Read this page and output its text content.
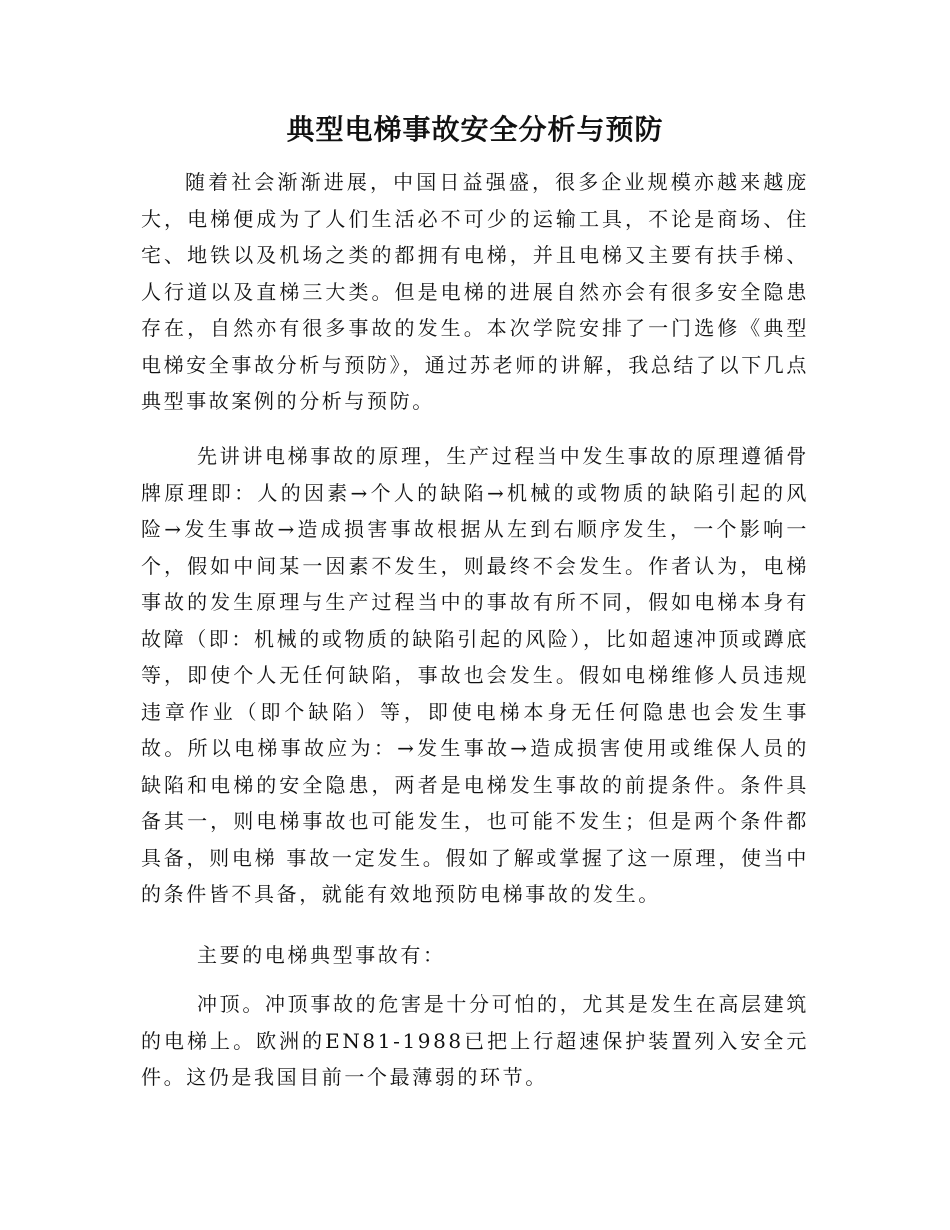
典型电梯事故安全分析与预防

随着社会渐渐进展，中国日益强盛，很多企业规模亦越来越庞大，电梯便成为了人们生活必不可少的运输工具，不论是商场、住宅、地铁以及机场之类的都拥有电梯，并且电梯又主要有扶手梯、人行道以及直梯三大类。但是电梯的进展自然亦会有很多安全隐患存在，自然亦有很多事故的发生。本次学院安排了一门选修《典型电梯安全事故分析与预防》，通过苏老师的讲解，我总结了以下几点典型事故案例的分析与预防。

先讲讲电梯事故的原理，生产过程当中发生事故的原理遵循骨牌原理即：人的因素→个人的缺陷→机械的或物质的缺陷引起的风险→发生事故→造成损害事故根据从左到右顺序发生，一个影响一个，假如中间某一因素不发生，则最终不会发生。作者认为，电梯事故的发生原理与生产过程当中的事故有所不同，假如电梯本身有故障（即：机械的或物质的缺陷引起的风险），比如超速冲顶或蹲底等，即使个人无任何缺陷，事故也会发生。假如电梯维修人员违规违章作业（即个缺陷）等，即使电梯本身无任何隐患也会发生事故。所以电梯事故应为：→发生事故→造成损害使用或维保人员的缺陷和电梯的安全隐患，两者是电梯发生事故的前提条件。条件具备其一，则电梯事故也可能发生，也可能不发生；但是两个条件都具备，则电梯 事故一定发生。假如了解或掌握了这一原理，使当中的条件皆不具备，就能有效地预防电梯事故的发生。

主要的电梯典型事故有：

冲顶。冲顶事故的危害是十分可怕的，尤其是发生在高层建筑的电梯上。欧洲的EN81-1988已把上行超速保护装置列入安全元件。这仍是我国目前一个最薄弱的环节。
